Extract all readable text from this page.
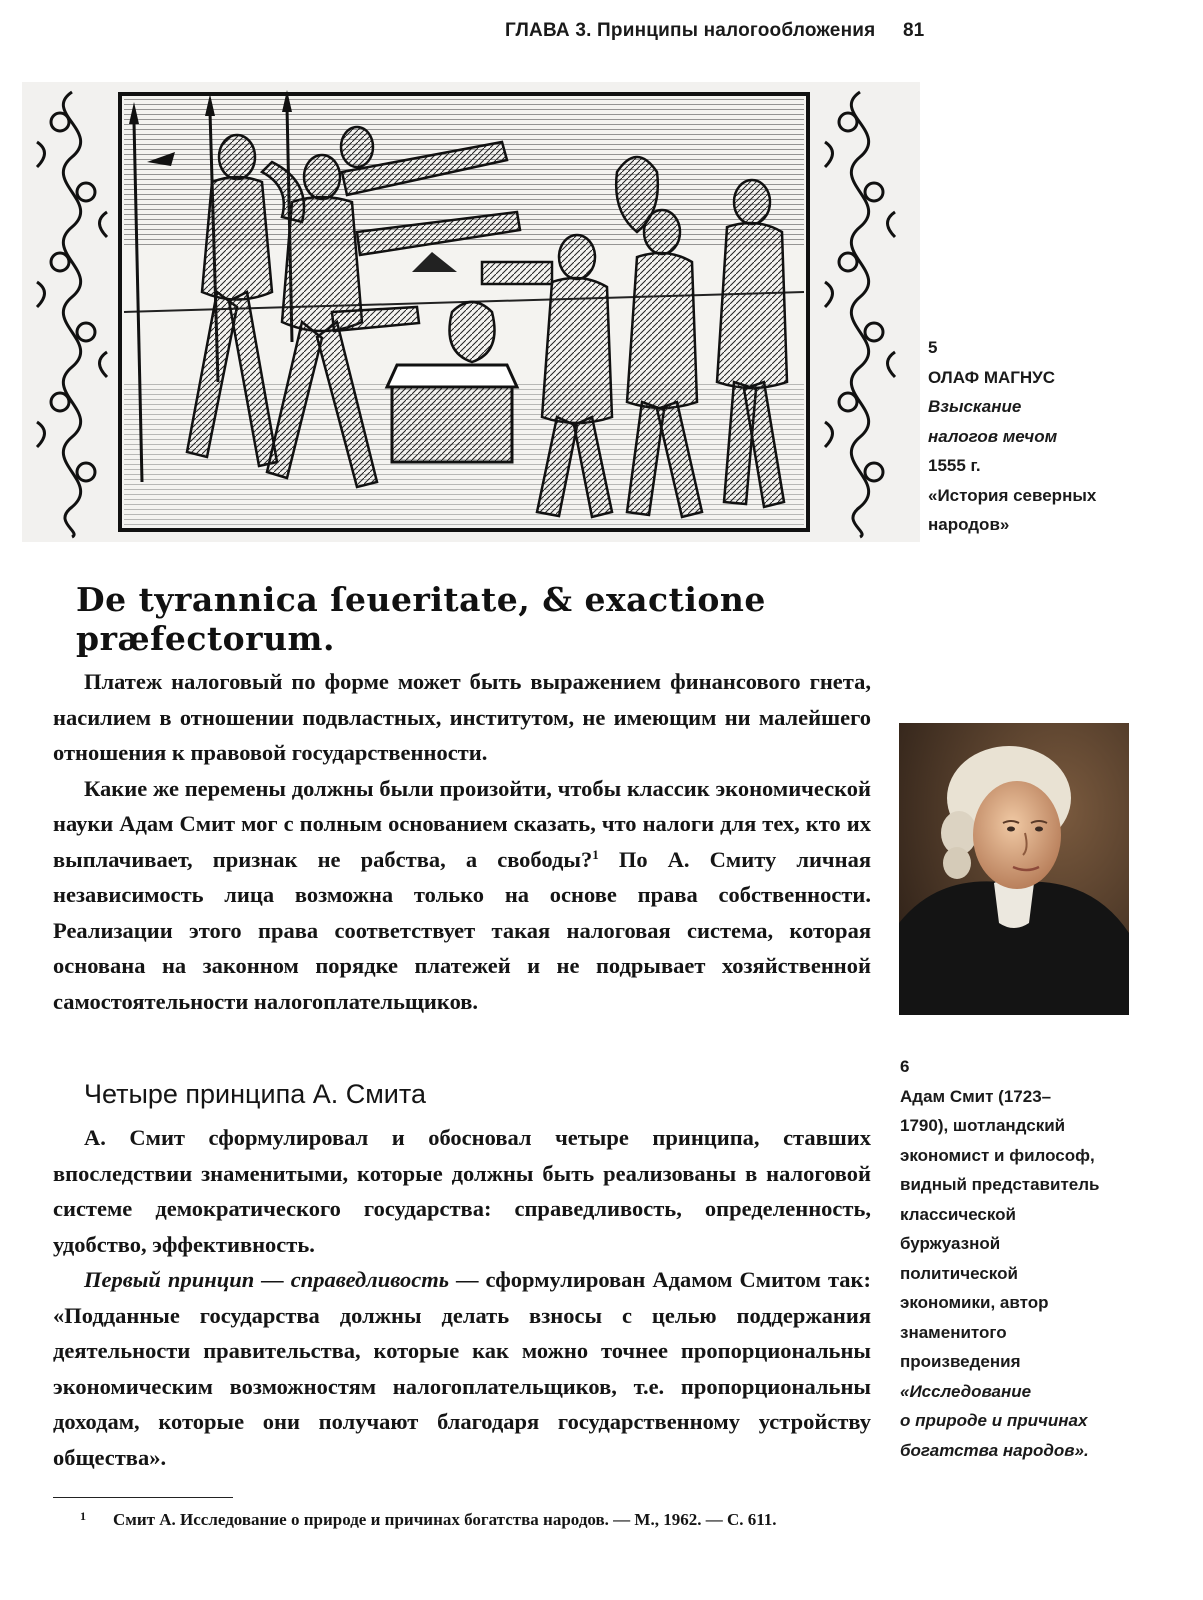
ГЛАВА 3. Принципы налогообложения 81
5
ОЛАФ МАГНУС
Взыскание
налогов мечом
1555 г.
«История северных
народов»
De tyrannica ſeueritate, & exactione præfectorum.

Платеж налоговый по форме может быть выражением финансового гнета, насилием в отношении подвластных, институтом, не имеющим ни малейшего отношения к правовой государственности.

Какие же перемены должны были произойти, чтобы классик экономической науки Адам Смит мог с полным основанием сказать, что налоги для тех, кто их выплачивает, признак не рабства, а свободы?$^1$ По А. Смиту личная независимость лица возможна только на основе права собственности. Реализации этого права соответствует такая налоговая система, которая основана на законном порядке платежей и не подрывает хозяйственной самостоятельности налогоплательщиков.

6
Адам Смит (1723–
1790), шотландский
экономист и философ,
видный представитель
классической
буржуазной
политической
экономики, автор
знаменитого
произведения
«Исследование
о природе и причинах
богатства народов».
Четыре принципа А. Смита

А. Смит сформулировал и обосновал четыре принципа, ставших впоследствии знаменитыми, которые должны быть реализованы в налоговой системе демократического государства: справедливость, определенность, удобство, эффективность.

Первый принцип — справедливость — сформулирован Адамом Смитом так: «Подданные государства должны делать взносы с целью поддержания деятельности правительства, которые как можно точнее пропорциональны экономическим возможностям налогоплательщиков, т.е. пропорциональны доходам, которые они получают благодаря государственному устройству общества».

1 Смит А. Исследование о природе и причинах богатства народов. — М., 1962. — С. 611.
